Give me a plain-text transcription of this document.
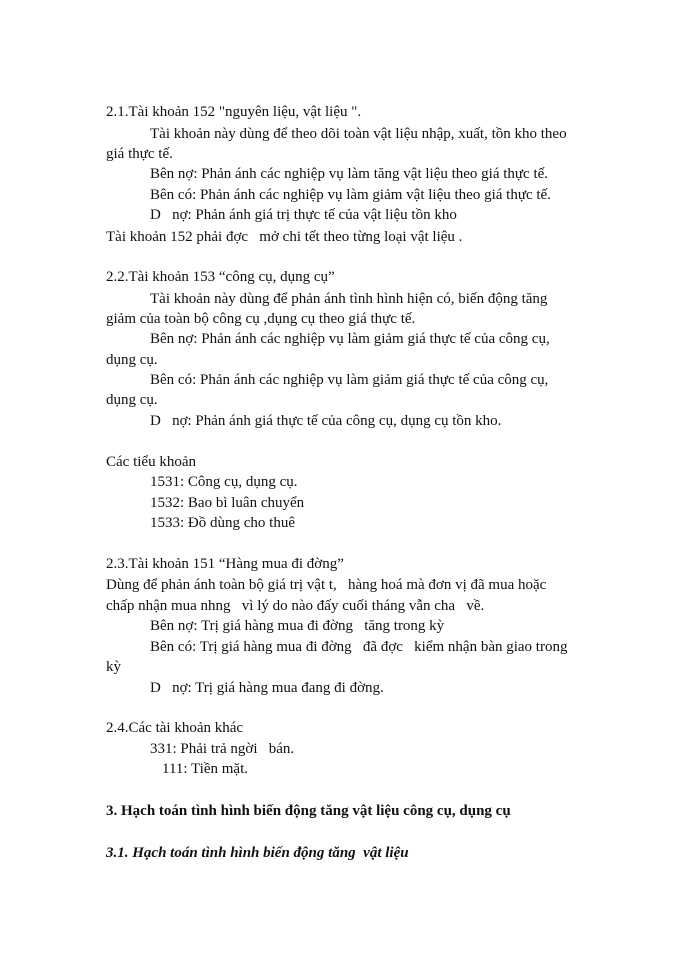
2.1.Tài khoản 152 "nguyên liệu, vật liệu ".
Tài khoản này dùng để theo dõi toàn vật liệu nhập, xuất, tồn kho theo
giá thực tế.
Bên nợ: Phản ánh các nghiệp vụ làm tăng vật liệu theo giá thực tế.
Bên có: Phản ánh các nghiệp vụ làm giảm vật liệu theo giá thực tế.
D   nợ: Phản ánh giá trị thực tế của vật liệu tồn kho
Tài khoản 152 phải đợc   mở chi tết theo từng loại vật liệu .
2.2.Tài khoản 153 “công cụ, dụng cụ”
Tài khoản này dùng để phản ánh tình hình hiện có, biến động tăng
giảm của toàn bộ công cụ ,dụng cụ theo giá thực tế.
Bên nợ: Phản ánh các nghiệp vụ làm giảm giá thực tế của công cụ,
dụng cụ.
Bên có: Phản ánh các nghiệp vụ làm giảm giá thực tế của công cụ,
dụng cụ.
D   nợ: Phản ánh giá thực tế của công cụ, dụng cụ tồn kho.
Các tiểu khoản
1531: Công cụ, dụng cụ.
1532: Bao bì luân chuyển
1533: Đồ dùng cho thuê
2.3.Tài khoản 151 “Hàng mua đi đờng”
Dùng để phản ánh toàn bộ giá trị vật t,   hàng hoá mà đơn vị đã mua hoặc
chấp nhận mua nhng   vì lý do nào đấy cuối tháng vẫn cha   về.
Bên nợ: Trị giá hàng mua đi đờng   tăng trong kỳ
Bên có: Trị giá hàng mua đi đờng   đã đợc   kiểm nhận bàn giao trong
kỳ
D   nợ: Trị giá hàng mua đang đi đờng.
2.4.Các tài khoản khác
331: Phải trả ngời   bán.
111: Tiền mặt.
3. Hạch toán tình hình biến động tăng vật liệu công cụ, dụng cụ
3.1. Hạch toán tình hình biến động tăng  vật liệu
